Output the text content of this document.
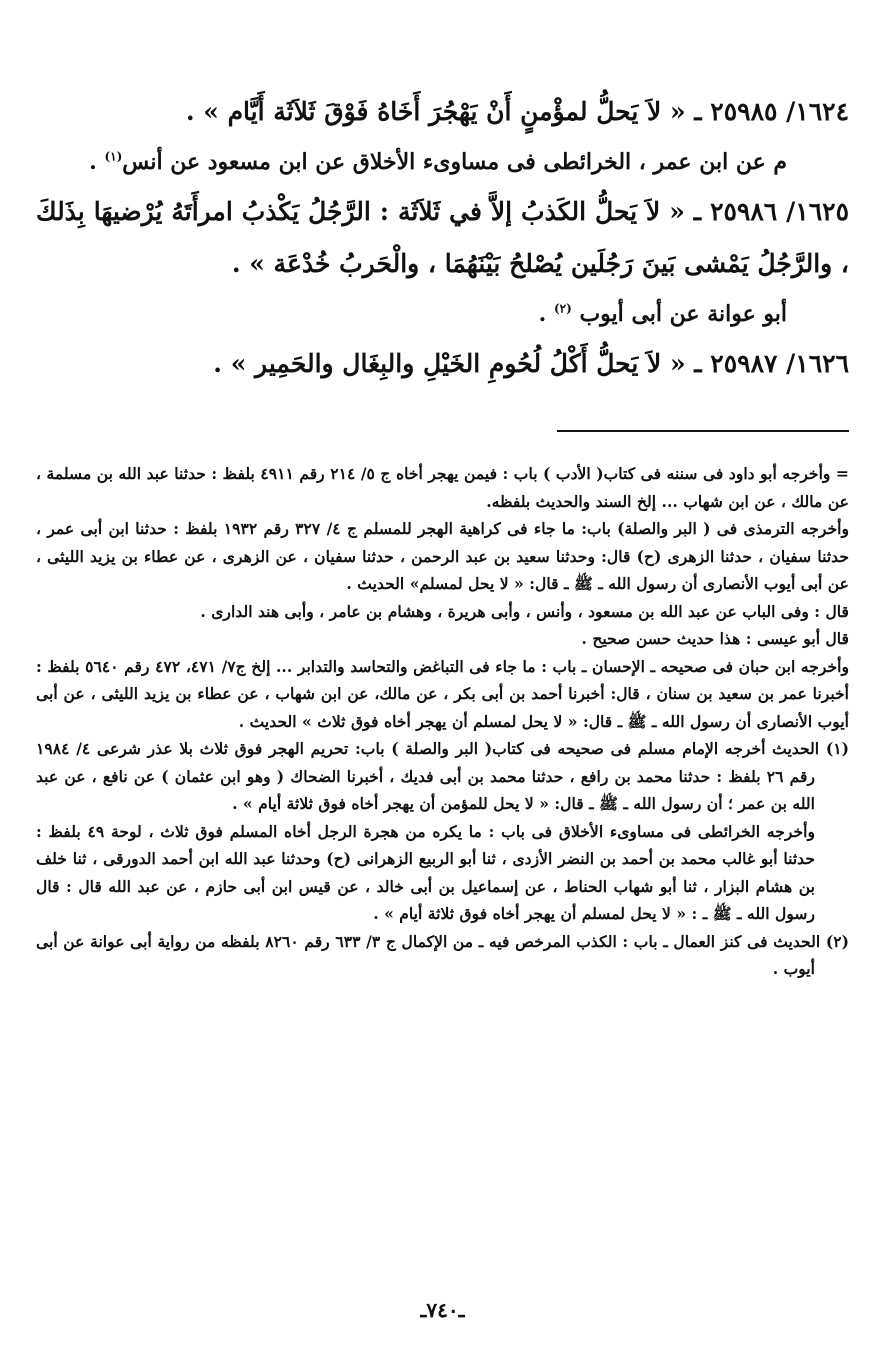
١٦٢٤/ ٢٥٩٨٥ ـ « لاَ يَحلُّ لمؤْمنٍ أَنْ يَهْجُرَ أَخَاهُ فَوْقَ ثَلاَثَة أَيَّام » .

م عن ابن عمر ، الخرائطى فى مساوىء الأخلاق عن ابن مسعود عن أنس$^{(١)}$ .

١٦٢٥/ ٢٥٩٨٦ ـ « لاَ يَحلُّ الكَذبُ إلاَّ في ثَلاَثَة : الرَّجُلُ يَكْذبُ امرأَتَهُ يُرْضيهَا بِذَلكَ ، والرَّجُلُ يَمْشى بَينَ رَجُلَين يُصْلحُ بَيْنَهُمَا ، والْحَربُ خُدْعَة » .

أبو عوانة عن أبى أيوب $^{(٢)}$ .

١٦٢٦/ ٢٥٩٨٧ ـ « لاَ يَحلُّ أَكْلُ لُحُومِ الخَيْلِ والبِغَال والحَمِير » .

= وأخرجه أبو داود فى سننه فى كتاب( الأدب ) باب : فيمن يهجر أخاه ج ٥/ ٢١٤ رقم ٤٩١١ بلفظ : حدثنا عبد الله بن مسلمة ، عن مالك ، عن ابن شهاب ... إلخ السند والحديث بلفظه.

وأخرجه الترمذى فى ( البر والصلة) باب: ما جاء فى كراهية الهجر للمسلم ج ٤/ ٣٢٧ رقم ١٩٣٢ بلفظ : حدثنا ابن أبى عمر ، حدثنا سفيان ، حدثنا الزهرى (ح) قال: وحدثنا سعيد بن عبد الرحمن ، حدثنا سفيان ، عن الزهرى ، عن عطاء بن يزيد الليثى ، عن أبى أيوب الأنصارى أن رسول الله ـ ﷺ ـ قال: « لا يحل لمسلم» الحديث .

قال : وفى الباب عن عبد الله بن مسعود ، وأنس ، وأبى هريرة ، وهشام بن عامر ، وأبى هند الدارى .

قال أبو عيسى : هذا حديث حسن صحيح .

وأخرجه ابن حبان فى صحيحه ـ الإحسان ـ باب : ما جاء فى التباغض والتحاسد والتدابر ... إلخ ج٧/ ٤٧١، ٤٧٢ رقم ٥٦٤٠ بلفظ : أخبرنا عمر بن سعيد بن سنان ، قال: أخبرنا أحمد بن أبى بكر ، عن مالك، عن ابن شهاب ، عن عطاء بن يزيد الليثى ، عن أبى أيوب الأنصارى أن رسول الله ـ ﷺ ـ قال: « لا يحل لمسلم أن يهجر أخاه فوق ثلاث » الحديث .

(١) الحديث أخرجه الإمام مسلم فى صحيحه فى كتاب( البر والصلة ) باب: تحريم الهجر فوق ثلاث بلا عذر شرعى ٤/ ١٩٨٤ رقم ٢٦ بلفظ : حدثنا محمد بن رافع ، حدثنا محمد بن أبى فديك ، أخبرنا الضحاك ( وهو ابن عثمان ) عن نافع ، عن عبد الله بن عمر ؛ أن رسول الله ـ ﷺ ـ قال: « لا يحل للمؤمن أن يهجر أخاه فوق ثلاثة أيام » .

وأخرجه الخرائطى فى مساوىء الأخلاق فى باب : ما يكره من هجرة الرجل أخاه المسلم فوق ثلاث ، لوحة ٤٩ بلفظ : حدثنا أبو غالب محمد بن أحمد بن النضر الأزدى ، ثنا أبو الربيع الزهرانى (ح) وحدثنا عبد الله ابن أحمد الدورقى ، ثنا خلف بن هشام البزار ، ثنا أبو شهاب الحناط ، عن إسماعيل بن أبى خالد ، عن قيس ابن أبى حازم ، عن عبد الله قال : قال رسول الله ـ ﷺ ـ : « لا يحل لمسلم أن يهجر أخاه فوق ثلاثة أيام » .

(٢) الحديث فى كنز العمال ـ باب : الكذب المرخص فيه ـ من الإكمال ج ٣/ ٦٣٣ رقم ٨٢٦٠ بلفظه من رواية أبى عوانة عن أبى أيوب .

ـ٧٤٠ـ
